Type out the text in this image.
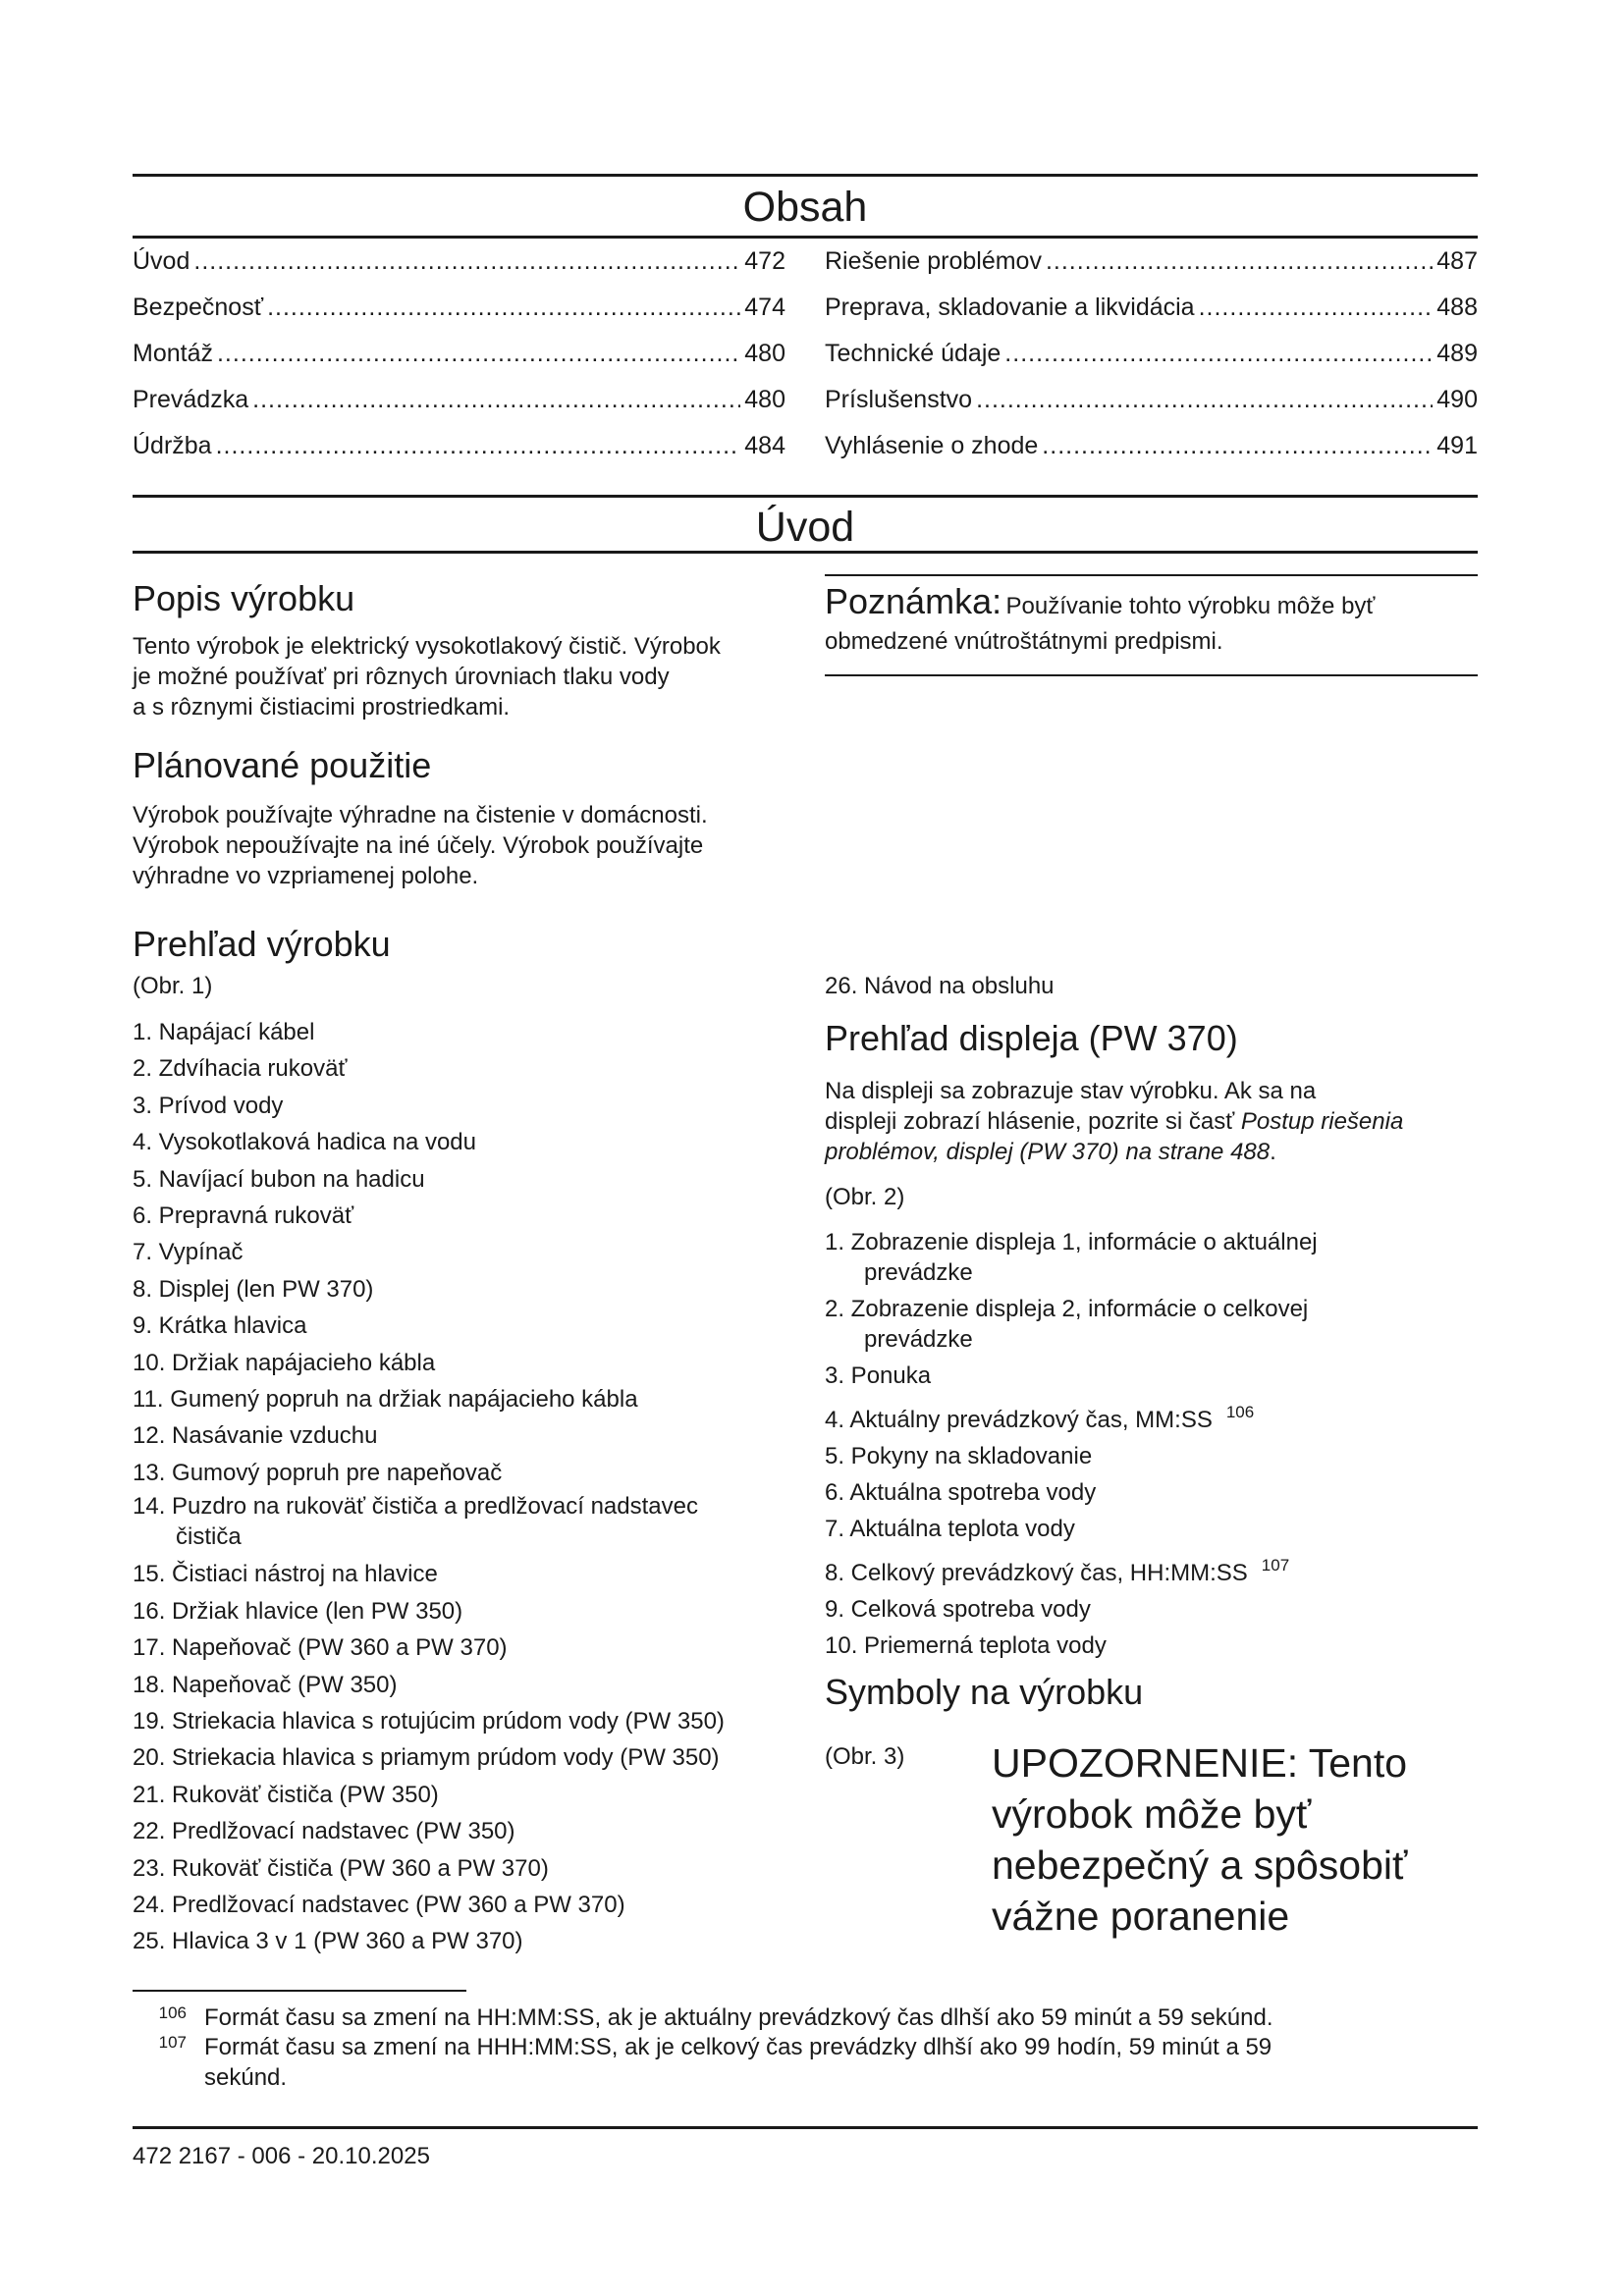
Obsah
Úvod .....	472
Bezpečnosť .....	474
Montáž .....	480
Prevádzka .....	480
Údržba .....	484
Riešenie problémov .....	487
Preprava, skladovanie a likvidácia .....	488
Technické údaje .....	489
Príslušenstvo .....	490
Vyhlásenie o zhode .....	491
Úvod
Popis výrobku

Tento výrobok je elektrický vysokotlakový čistič. Výrobok
je možné používať pri rôznych úrovniach tlaku vody
a s rôznymi čistiacimi prostriedkami.

Plánované použitie

Výrobok používajte výhradne na čistenie v domácnosti.
Výrobok nepoužívajte na iné účely. Výrobok používajte
výhradne vo vzpriamenej polohe.

Prehľad výrobku

(Obr. 1)

1. Napájací kábel
2. Zdvíhacia rukoväť
3. Prívod vody
4. Vysokotlaková hadica na vodu
5. Navíjací bubon na hadicu
6. Prepravná rukoväť
7. Vypínač
8. Displej (len PW 370)
9. Krátka hlavica
10. Držiak napájacieho kábla
11. Gumený popruh na držiak napájacieho kábla
12. Nasávanie vzduchu
13. Gumový popruh pre napeňovač
14. Puzdro na rukoväť čističa a predlžovací nadstavec
čističa
15. Čistiaci nástroj na hlavice
16. Držiak hlavice (len PW 350)
17. Napeňovač (PW 360 a PW 370)
18. Napeňovač (PW 350)
19. Striekacia hlavica s rotujúcim prúdom vody (PW 350)
20. Striekacia hlavica s priamym prúdom vody (PW 350)
21. Rukoväť čističa (PW 350)
22. Predlžovací nadstavec (PW 350)
23. Rukoväť čističa (PW 360 a PW 370)
24. Predlžovací nadstavec (PW 360 a PW 370)
25. Hlavica 3 v 1 (PW 360 a PW 370)
Poznámka: Používanie tohto výrobku môže byť
obmedzené vnútroštátnymi predpismi.

26. Návod na obsluhu

Prehľad displeja (PW 370)

Na displeji sa zobrazuje stav výrobku. Ak sa na
displeji zobrazí hlásenie, pozrite si časť Postup riešenia
problémov, displej (PW 370) na strane 488.

(Obr. 2)

1. Zobrazenie displeja 1, informácie o aktuálnej
prevádzke
2. Zobrazenie displeja 2, informácie o celkovej
prevádzke
3. Ponuka
4. Aktuálny prevádzkový čas, MM:SS $^{106}$
5. Pokyny na skladovanie
6. Aktuálna spotreba vody
7. Aktuálna teplota vody
8. Celkový prevádzkový čas, HH:MM:SS $^{107}$
9. Celková spotreba vody
10. Priemerná teplota vody
Symboly na výrobku

(Obr. 3) UPOZORNENIE: Tento
výrobok môže byť
nebezpečný a spôsobiť
vážne poranenie
106 Formát času sa zmení na HH:MM:SS, ak je aktuálny prevádzkový čas dlhší ako 59 minút a 59 sekúnd.
107 Formát času sa zmení na HHH:MM:SS, ak je celkový čas prevádzky dlhší ako 99 hodín, 59 minút a 59
sekúnd.
472 2167 - 006 - 20.10.2025
